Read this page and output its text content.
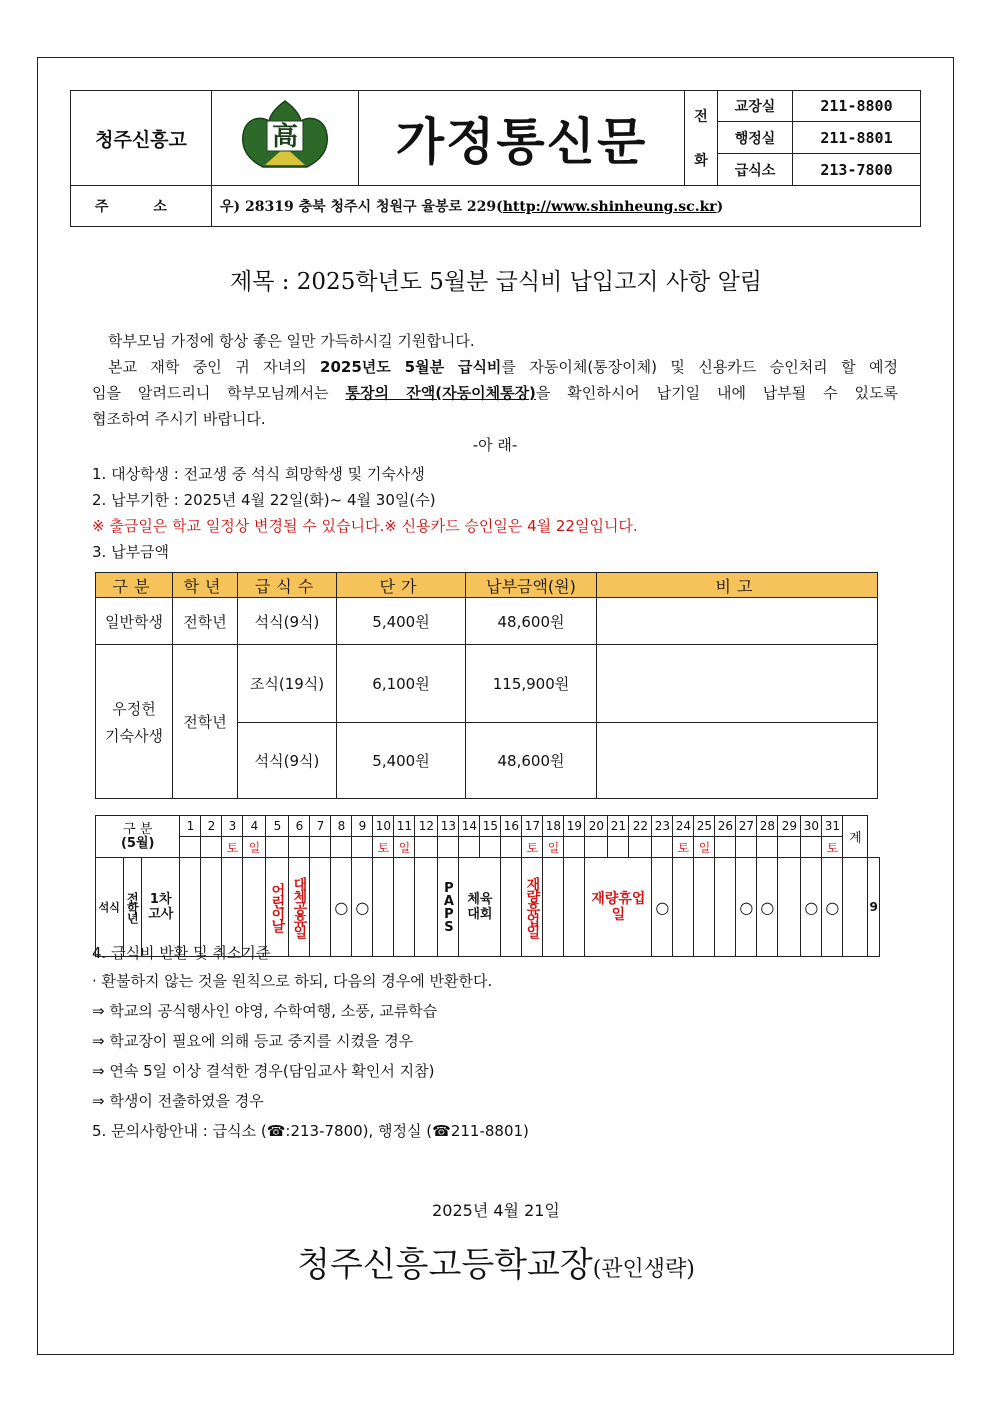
청주신흥고	高	가정통신문	전
화	교장실	211-8800
				행정실	211-8801
				급식소	213-7800
주 소	우) 28319 충북 청주시 청원구 율봉로 229(http://www.shinheung.sc.kr)				
제목 : 2025학년도 5월분 급식비 납입고지 사항 알림

학부모님 가정에 항상 좋은 일만 가득하시길 기원합니다.

본교 재학 중인 귀 자녀의 2025년도 5월분 급식비를 자동이체(통장이체) 및 신용카드 승인처리 할 예정

임을 알려드리니 학부모님께서는 통장의 잔액(자동이체통장)을 확인하시어 납기일 내에 납부될 수 있도록

협조하여 주시기 바랍니다.

-아 래-

1. 대상학생 : 전교생 중 석식 희망학생 및 기숙사생

2. 납부기한 : 2025년 4월 22일(화)~ 4월 30일(수)

※ 출금일은 학교 일정상 변경될 수 있습니다.※ 신용카드 승인일은 4월 22일입니다.

3. 납부금액

구분	학년	급식수	단가	납부금액(원)	비고
일반학생	전학년	석식(9식)	5,400원	48,600원	

우정헌
기숙사생	전학년	조식(19식)	6,100원	115,900원	
		석식(9식)	5,400원	48,600원	
구 분
(5월)			1	2	3	4	5	6	7	8	9	10	11	12	13	14	15	16	17	18	19	20	21	22	23	24	25	26	27	28	29	30	31	계	
					토	일						토	일						토	일						토	일						토		
석식	전학년	1차고사					어린이날	대체공휴일		○	○				PAPS	체육대회			재량휴업일			재량휴업일			○				○	○		○	○		9

4. 급식비 반환 및 취소기준

· 환불하지 않는 것을 원칙으로 하되, 다음의 경우에 반환한다.

⇒ 학교의 공식행사인 야영, 수학여행, 소풍, 교류학습

⇒ 학교장이 필요에 의해 등교 중지를 시켰을 경우

⇒ 연속 5일 이상 결석한 경우(담임교사 확인서 지참)

⇒ 학생이 전출하였을 경우

5. 문의사항안내 : 급식소 (☎:213-7800), 행정실 (☎211-8801)

2025년 4월 21일
청주신흥고등학교장(관인생략)
